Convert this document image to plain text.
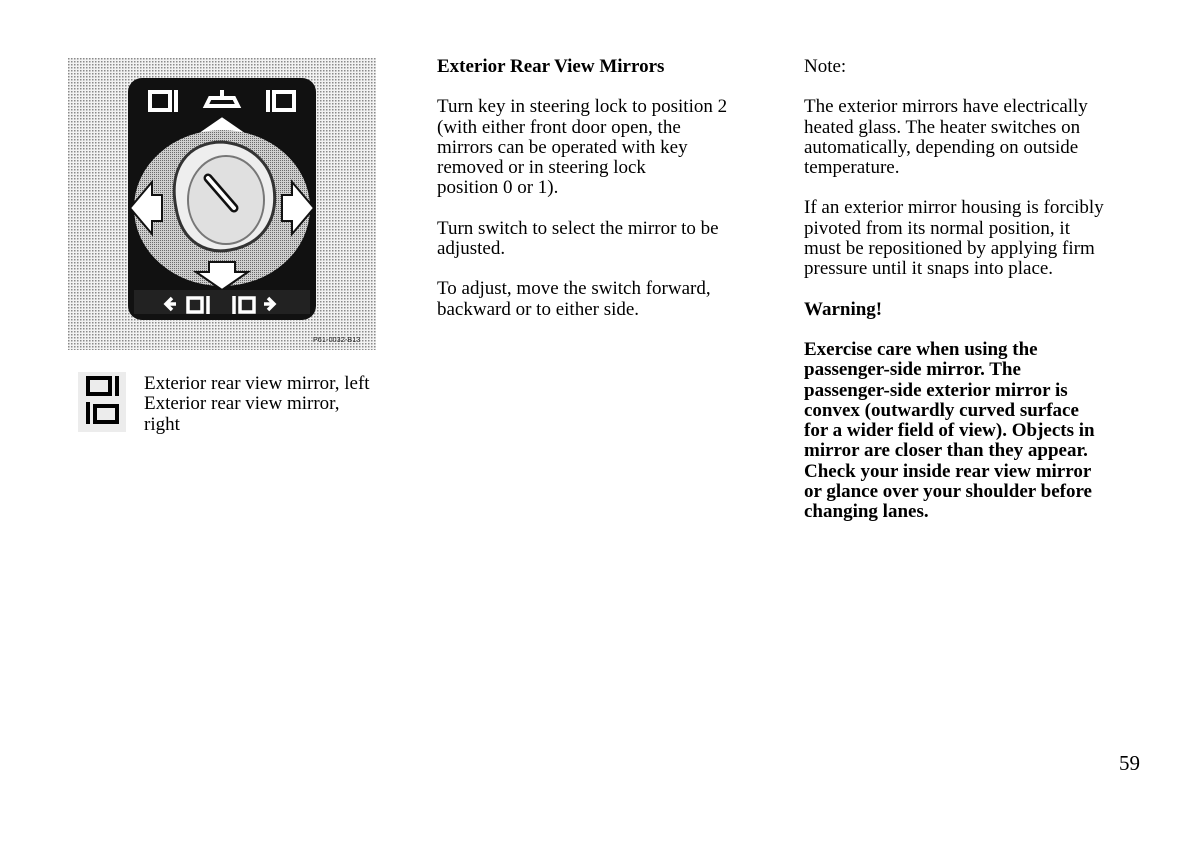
P61-0032-B13
Exterior rear view mirror, left
Exterior rear view mirror,
right

Exterior Rear View Mirrors

Turn key in steering lock to position 2

(with either front door open, the

mirrors can be operated with key

removed or in steering lock

position 0 or 1).

Turn switch to select the mirror to be

adjusted.

To adjust, move the switch forward,

backward or to either side.

Note:

The exterior mirrors have electrically

heated glass. The heater switches on

automatically, depending on outside

temperature.

If an exterior mirror housing is forcibly

pivoted from its normal position, it

must be repositioned by applying firm

pressure until it snaps into place.

Warning!

Exercise care when using the

passenger-side mirror. The

passenger-side exterior mirror is

convex (outwardly curved surface

for a wider field of view). Objects in

mirror are closer than they appear.

Check your inside rear view mirror

or glance over your shoulder before

changing lanes.

59
